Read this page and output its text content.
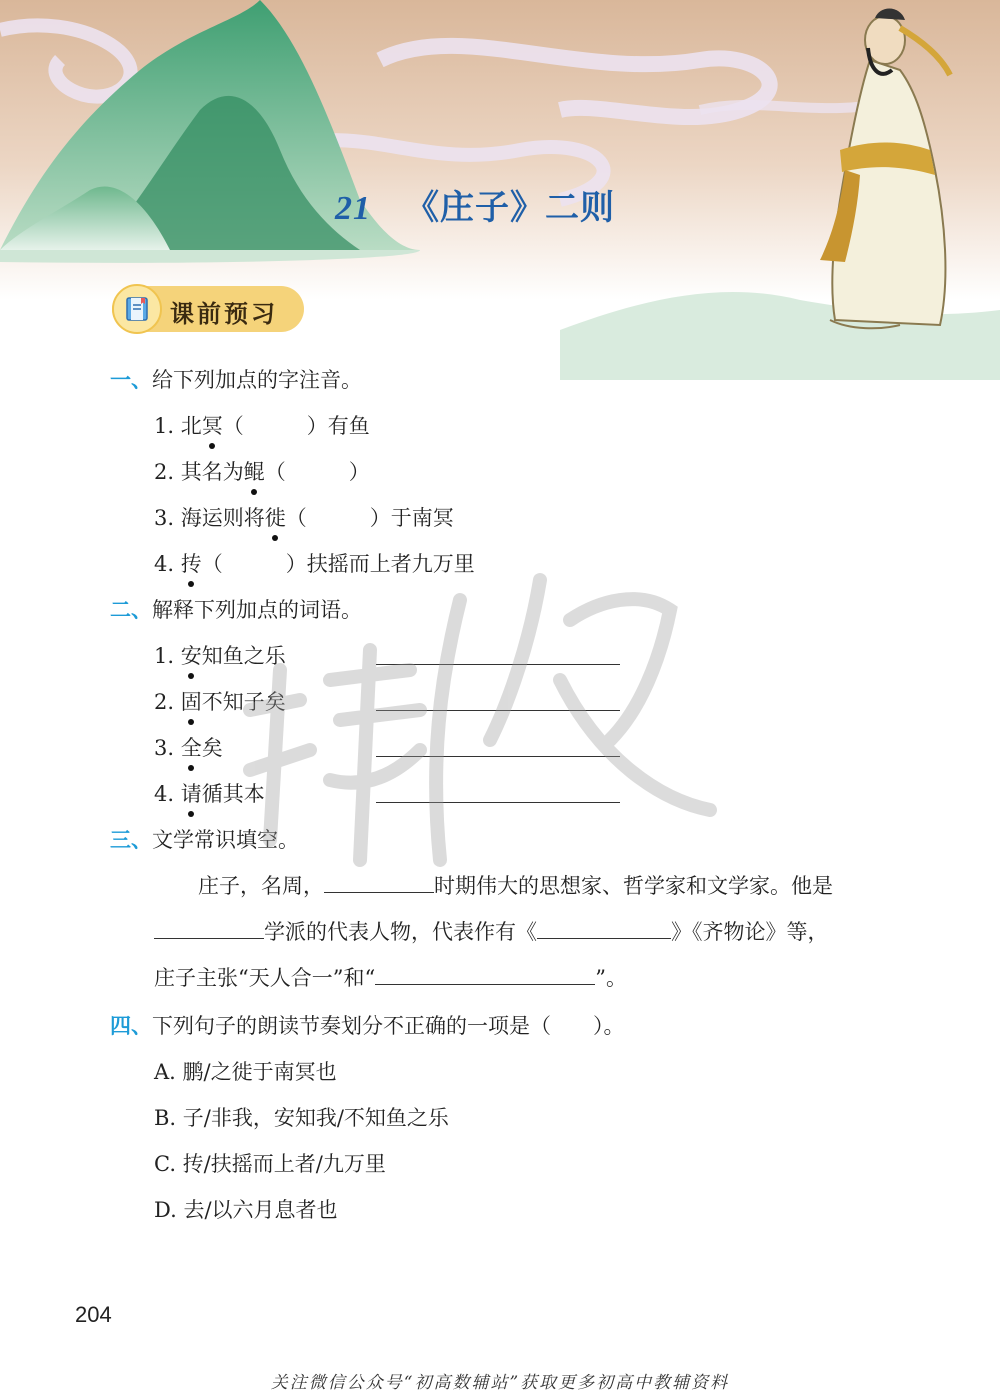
21 《庄子》二则
课前预习
一、给下列加点的字注音。
1. 北冥（　　　）有鱼
2. 其名为鲲（　　　）
3. 海运则将徙（　　　）于南冥
4. 抟（　　　）扶摇而上者九万里
二、解释下列加点的词语。
1. 安知鱼之乐
2. 固不知子矣
3. 全矣
4. 请循其本
三、文学常识填空。
庄子，名周，	时期伟大的思想家、哲学家和文学家。他是
学派的代表人物，代表作有《	》《齐物论》等，
庄子主张“天人合一”和“	”。
四、下列句子的朗读节奏划分不正确的一项是（　　）。
A. 鹏/之徙于南冥也
B. 子/非我，安知我/不知鱼之乐
C. 抟/扶摇而上者/九万里
D. 去/以六月息者也
204
关注微信公众号“初高数辅站”获取更多初高中教辅资料
